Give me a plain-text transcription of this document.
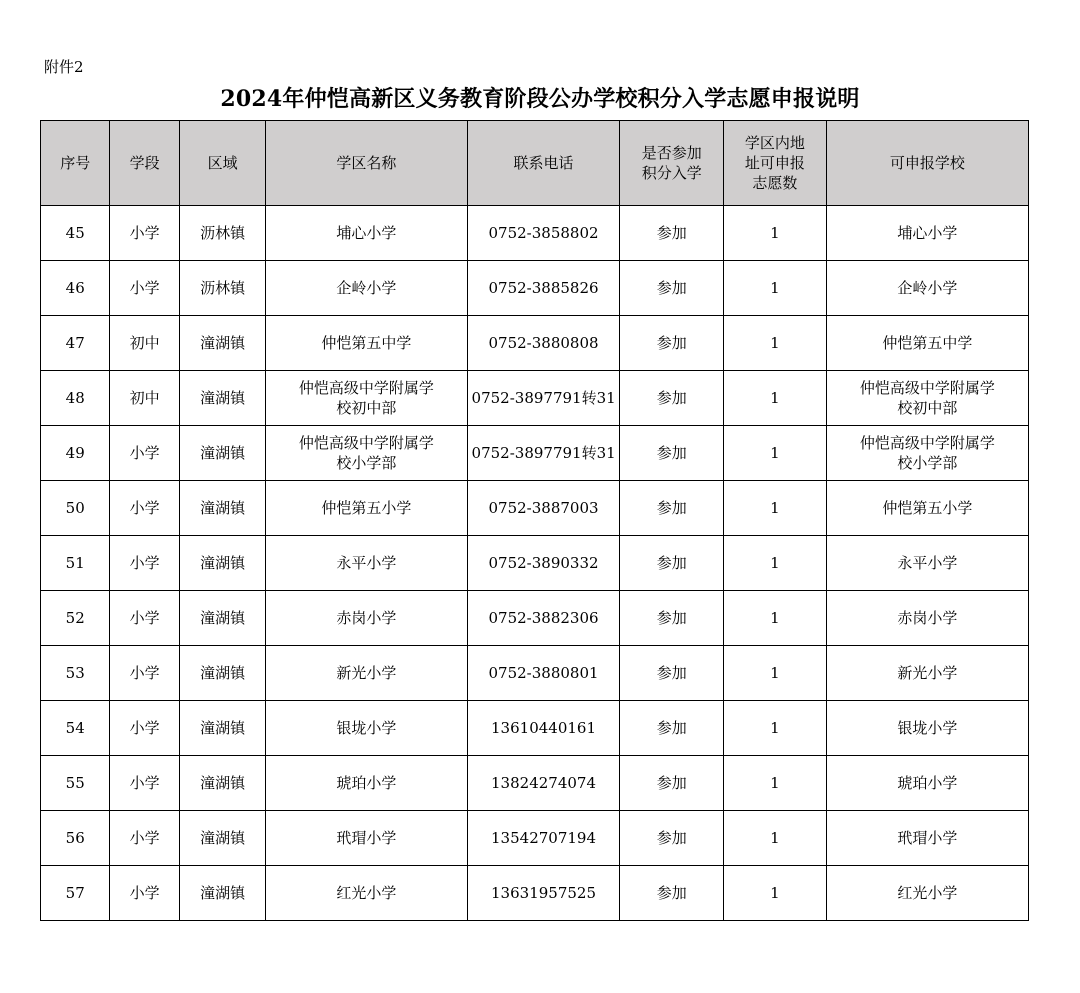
附件2
2024年仲恺高新区义务教育阶段公办学校积分入学志愿申报说明
序号	学段	区域	学区名称	联系电话	是否参加积分入学	学区内地址可申报志愿数	可申报学校
45	小学	沥林镇	埔心小学	0752-3858802	参加	1	埔心小学
46	小学	沥林镇	企岭小学	0752-3885826	参加	1	企岭小学
47	初中	潼湖镇	仲恺第五中学	0752-3880808	参加	1	仲恺第五中学
48	初中	潼湖镇	仲恺高级中学附属学校初中部	0752-3897791转31	参加	1	仲恺高级中学附属学校初中部
49	小学	潼湖镇	仲恺高级中学附属学校小学部	0752-3897791转31	参加	1	仲恺高级中学附属学校小学部
50	小学	潼湖镇	仲恺第五小学	0752-3887003	参加	1	仲恺第五小学
51	小学	潼湖镇	永平小学	0752-3890332	参加	1	永平小学
52	小学	潼湖镇	赤岗小学	0752-3882306	参加	1	赤岗小学
53	小学	潼湖镇	新光小学	0752-3880801	参加	1	新光小学
54	小学	潼湖镇	银垅小学	13610440161	参加	1	银垅小学
55	小学	潼湖镇	琥珀小学	13824274074	参加	1	琥珀小学
56	小学	潼湖镇	玳瑁小学	13542707194	参加	1	玳瑁小学
57	小学	潼湖镇	红光小学	13631957525	参加	1	红光小学
